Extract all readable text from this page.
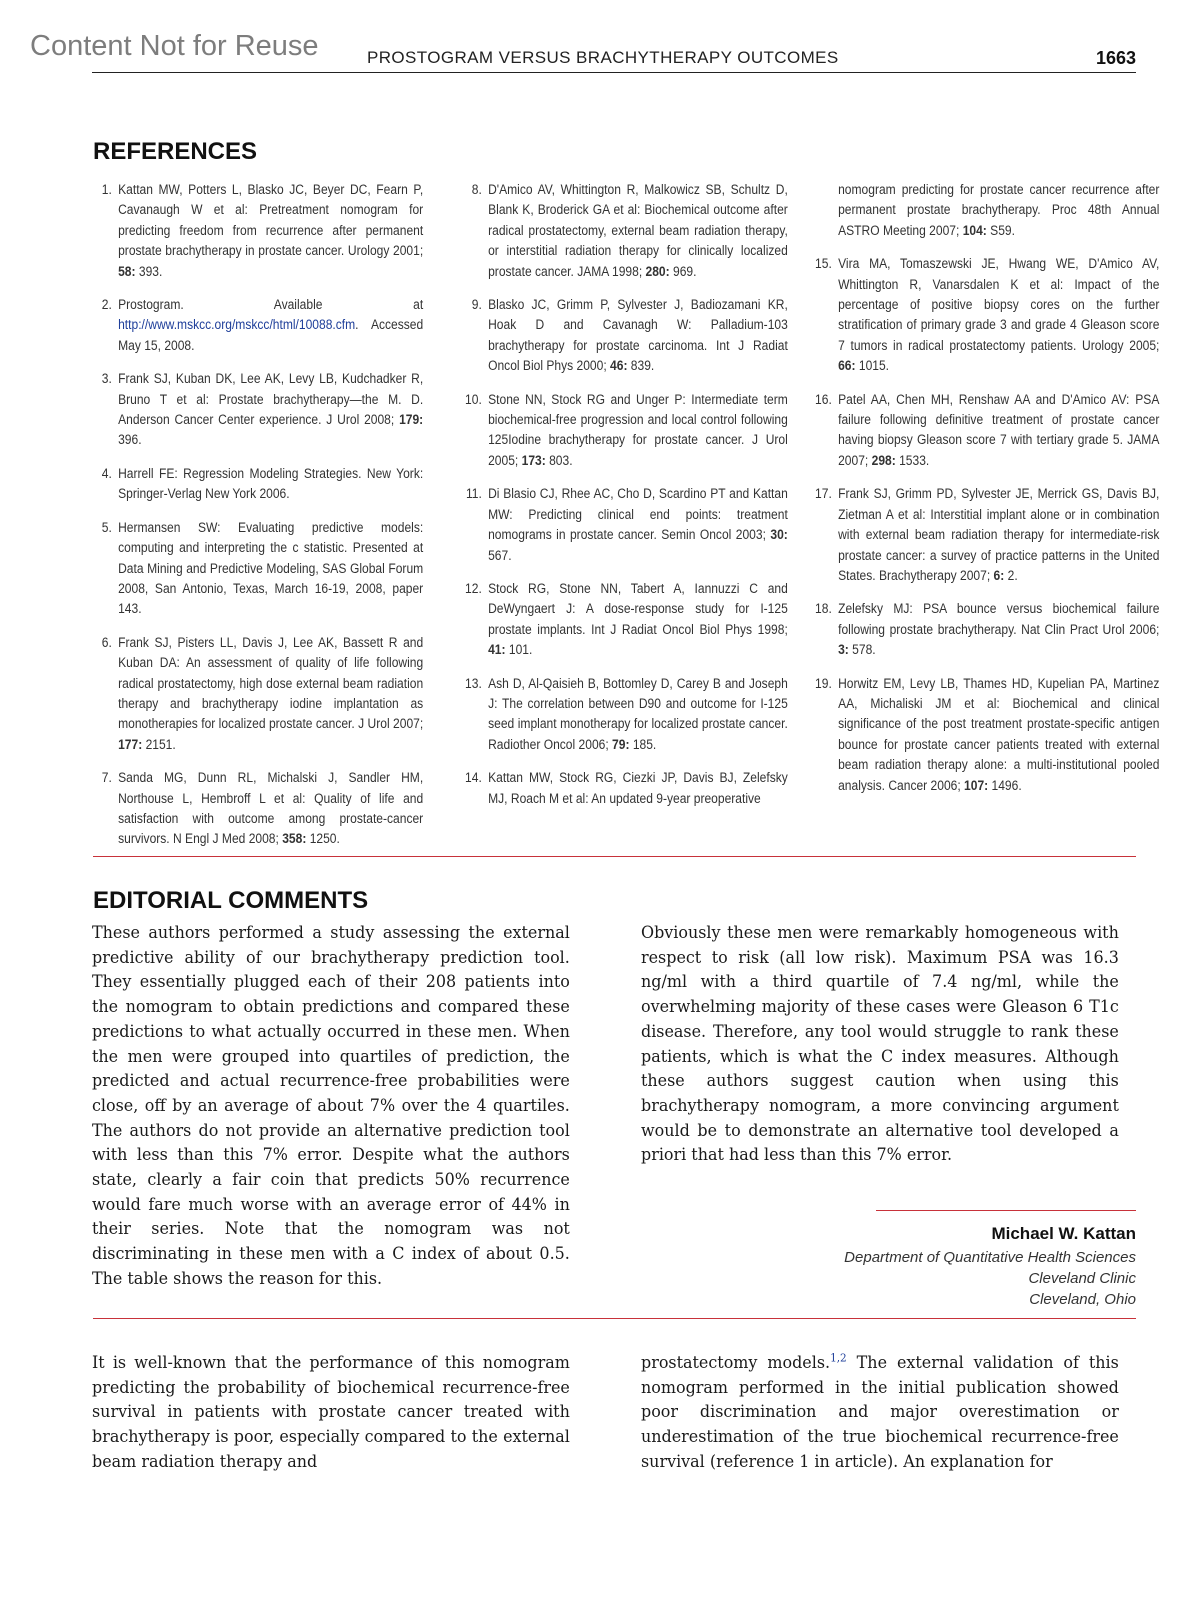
Content Not for Reuse	PROSTOGRAM VERSUS BRACHYTHERAPY OUTCOMES	1663
REFERENCES
1. Kattan MW, Potters L, Blasko JC, Beyer DC, Fearn P, Cavanaugh W et al: Pretreatment nomogram for predicting freedom from recurrence after permanent prostate brachytherapy in prostate cancer. Urology 2001; 58: 393.
2. Prostogram. Available at http://www.mskcc.org/mskcc/html/10088.cfm. Accessed May 15, 2008.
3. Frank SJ, Kuban DK, Lee AK, Levy LB, Kudchadker R, Bruno T et al: Prostate brachytherapy—the M. D. Anderson Cancer Center experience. J Urol 2008; 179: 396.
4. Harrell FE: Regression Modeling Strategies. New York: Springer-Verlag New York 2006.
5. Hermansen SW: Evaluating predictive models: computing and interpreting the c statistic. Presented at Data Mining and Predictive Modeling, SAS Global Forum 2008, San Antonio, Texas, March 16-19, 2008, paper 143.
6. Frank SJ, Pisters LL, Davis J, Lee AK, Bassett R and Kuban DA: An assessment of quality of life following radical prostatectomy, high dose external beam radiation therapy and brachytherapy iodine implantation as monotherapies for localized prostate cancer. J Urol 2007; 177: 2151.
7. Sanda MG, Dunn RL, Michalski J, Sandler HM, Northouse L, Hembroff L et al: Quality of life and satisfaction with outcome among prostate-cancer survivors. N Engl J Med 2008; 358: 1250.
8. D'Amico AV, Whittington R, Malkowicz SB, Schultz D, Blank K, Broderick GA et al: Biochemical outcome after radical prostatectomy, external beam radiation therapy, or interstitial radiation therapy for clinically localized prostate cancer. JAMA 1998; 280: 969.
9. Blasko JC, Grimm P, Sylvester J, Badiozamani KR, Hoak D and Cavanagh W: Palladium-103 brachytherapy for prostate carcinoma. Int J Radiat Oncol Biol Phys 2000; 46: 839.
10. Stone NN, Stock RG and Unger P: Intermediate term biochemical-free progression and local control following 125Iodine brachytherapy for prostate cancer. J Urol 2005; 173: 803.
11. Di Blasio CJ, Rhee AC, Cho D, Scardino PT and Kattan MW: Predicting clinical end points: treatment nomograms in prostate cancer. Semin Oncol 2003; 30: 567.
12. Stock RG, Stone NN, Tabert A, Iannuzzi C and DeWyngaert J: A dose-response study for I-125 prostate implants. Int J Radiat Oncol Biol Phys 1998; 41: 101.
13. Ash D, Al-Qaisieh B, Bottomley D, Carey B and Joseph J: The correlation between D90 and outcome for I-125 seed implant monotherapy for localized prostate cancer. Radiother Oncol 2006; 79: 185.
14. Kattan MW, Stock RG, Ciezki JP, Davis BJ, Zelefsky MJ, Roach M et al: An updated 9-year preoperative
nomogram predicting for prostate cancer recurrence after permanent prostate brachytherapy. Proc 48th Annual ASTRO Meeting 2007; 104: S59.
15. Vira MA, Tomaszewski JE, Hwang WE, D'Amico AV, Whittington R, Vanarsdalen K et al: Impact of the percentage of positive biopsy cores on the further stratification of primary grade 3 and grade 4 Gleason score 7 tumors in radical prostatectomy patients. Urology 2005; 66: 1015.
16. Patel AA, Chen MH, Renshaw AA and D'Amico AV: PSA failure following definitive treatment of prostate cancer having biopsy Gleason score 7 with tertiary grade 5. JAMA 2007; 298: 1533.
17. Frank SJ, Grimm PD, Sylvester JE, Merrick GS, Davis BJ, Zietman A et al: Interstitial implant alone or in combination with external beam radiation therapy for intermediate-risk prostate cancer: a survey of practice patterns in the United States. Brachytherapy 2007; 6: 2.
18. Zelefsky MJ: PSA bounce versus biochemical failure following prostate brachytherapy. Nat Clin Pract Urol 2006; 3: 578.
19. Horwitz EM, Levy LB, Thames HD, Kupelian PA, Martinez AA, Michaliski JM et al: Biochemical and clinical significance of the post treatment prostate-specific antigen bounce for prostate cancer patients treated with external beam radiation therapy alone: a multi-institutional pooled analysis. Cancer 2006; 107: 1496.
EDITORIAL COMMENTS

These authors performed a study assessing the external predictive ability of our brachytherapy prediction tool. They essentially plugged each of their 208 patients into the nomogram to obtain predictions and compared these predictions to what actually occurred in these men. When the men were grouped into quartiles of prediction, the predicted and actual recurrence-free probabilities were close, off by an average of about 7% over the 4 quartiles. The authors do not provide an alternative prediction tool with less than this 7% error. Despite what the authors state, clearly a fair coin that predicts 50% recurrence would fare much worse with an average error of 44% in their series. Note that the nomogram was not discriminating in these men with a C index of about 0.5. The table shows the reason for this.

Obviously these men were remarkably homogeneous with respect to risk (all low risk). Maximum PSA was 16.3 ng/ml with a third quartile of 7.4 ng/ml, while the overwhelming majority of these cases were Gleason 6 T1c disease. Therefore, any tool would struggle to rank these patients, which is what the C index measures. Although these authors suggest caution when using this brachytherapy nomogram, a more convincing argument would be to demonstrate an alternative tool developed a priori that had less than this 7% error.

Michael W. Kattan
Department of Quantitative Health Sciences
Cleveland Clinic
Cleveland, Ohio

It is well-known that the performance of this nomogram predicting the probability of biochemical recurrence-free survival in patients with prostate cancer treated with brachytherapy is poor, especially compared to the external beam radiation therapy and

prostatectomy models.$^{1,2}$ The external validation of this nomogram performed in the initial publication showed poor discrimination and major overestimation or underestimation of the true biochemical recurrence-free survival (reference 1 in article). An explanation for
